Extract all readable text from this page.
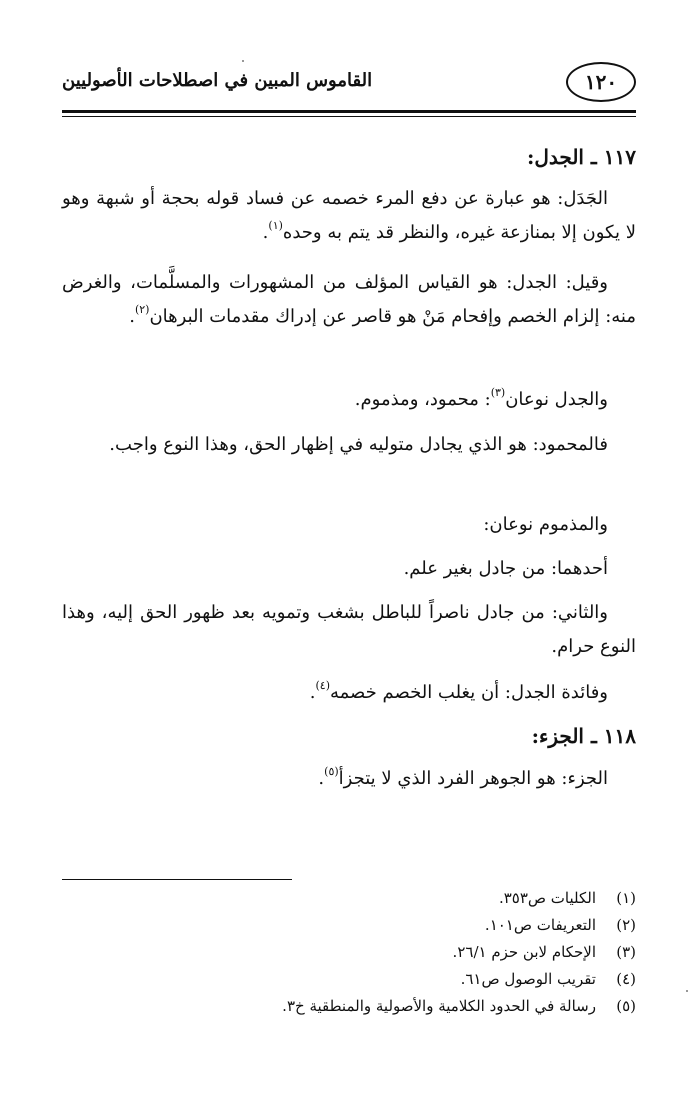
١٢٠
القاموس المبين في اصطلاحات الأصوليين
١١٧ ـ الجدل:
الجَدَل: هو عبارة عن دفع المرء خصمه عن فساد قوله بحجة أو شبهة وهو لا يكون إلا بمنازعة غيره، والنظر قد يتم به وحده$^{(١)}$.
وقيل: الجدل: هو القياس المؤلف من المشهورات والمسلَّمات، والغرض منه: إلزام الخصم وإفحام مَنْ هو قاصر عن إدراك مقدمات البرهان$^{(٢)}$.
والجدل نوعان$^{(٣)}$: محمود، ومذموم.
فالمحمود: هو الذي يجادل متوليه في إظهار الحق، وهذا النوع واجب.
والمذموم نوعان:
أحدهما: من جادل بغير علم.
والثاني: من جادل ناصراً للباطل بشغب وتمويه بعد ظهور الحق إليه، وهذا النوع حرام.
وفائدة الجدل: أن يغلب الخصم خصمه$^{(٤)}$.
١١٨ ـ الجزء:
الجزء: هو الجوهر الفرد الذي لا يتجزأ$^{(٥)}$.
(١)
الكليات ص٣٥٣.
(٢)
التعريفات ص١٠١.
(٣)
الإحكام لابن حزم ٢٦/١.
(٤)
تقريب الوصول ص٦١.
(٥)
رسالة في الحدود الكلامية والأصولية والمنطقية خ٣.
